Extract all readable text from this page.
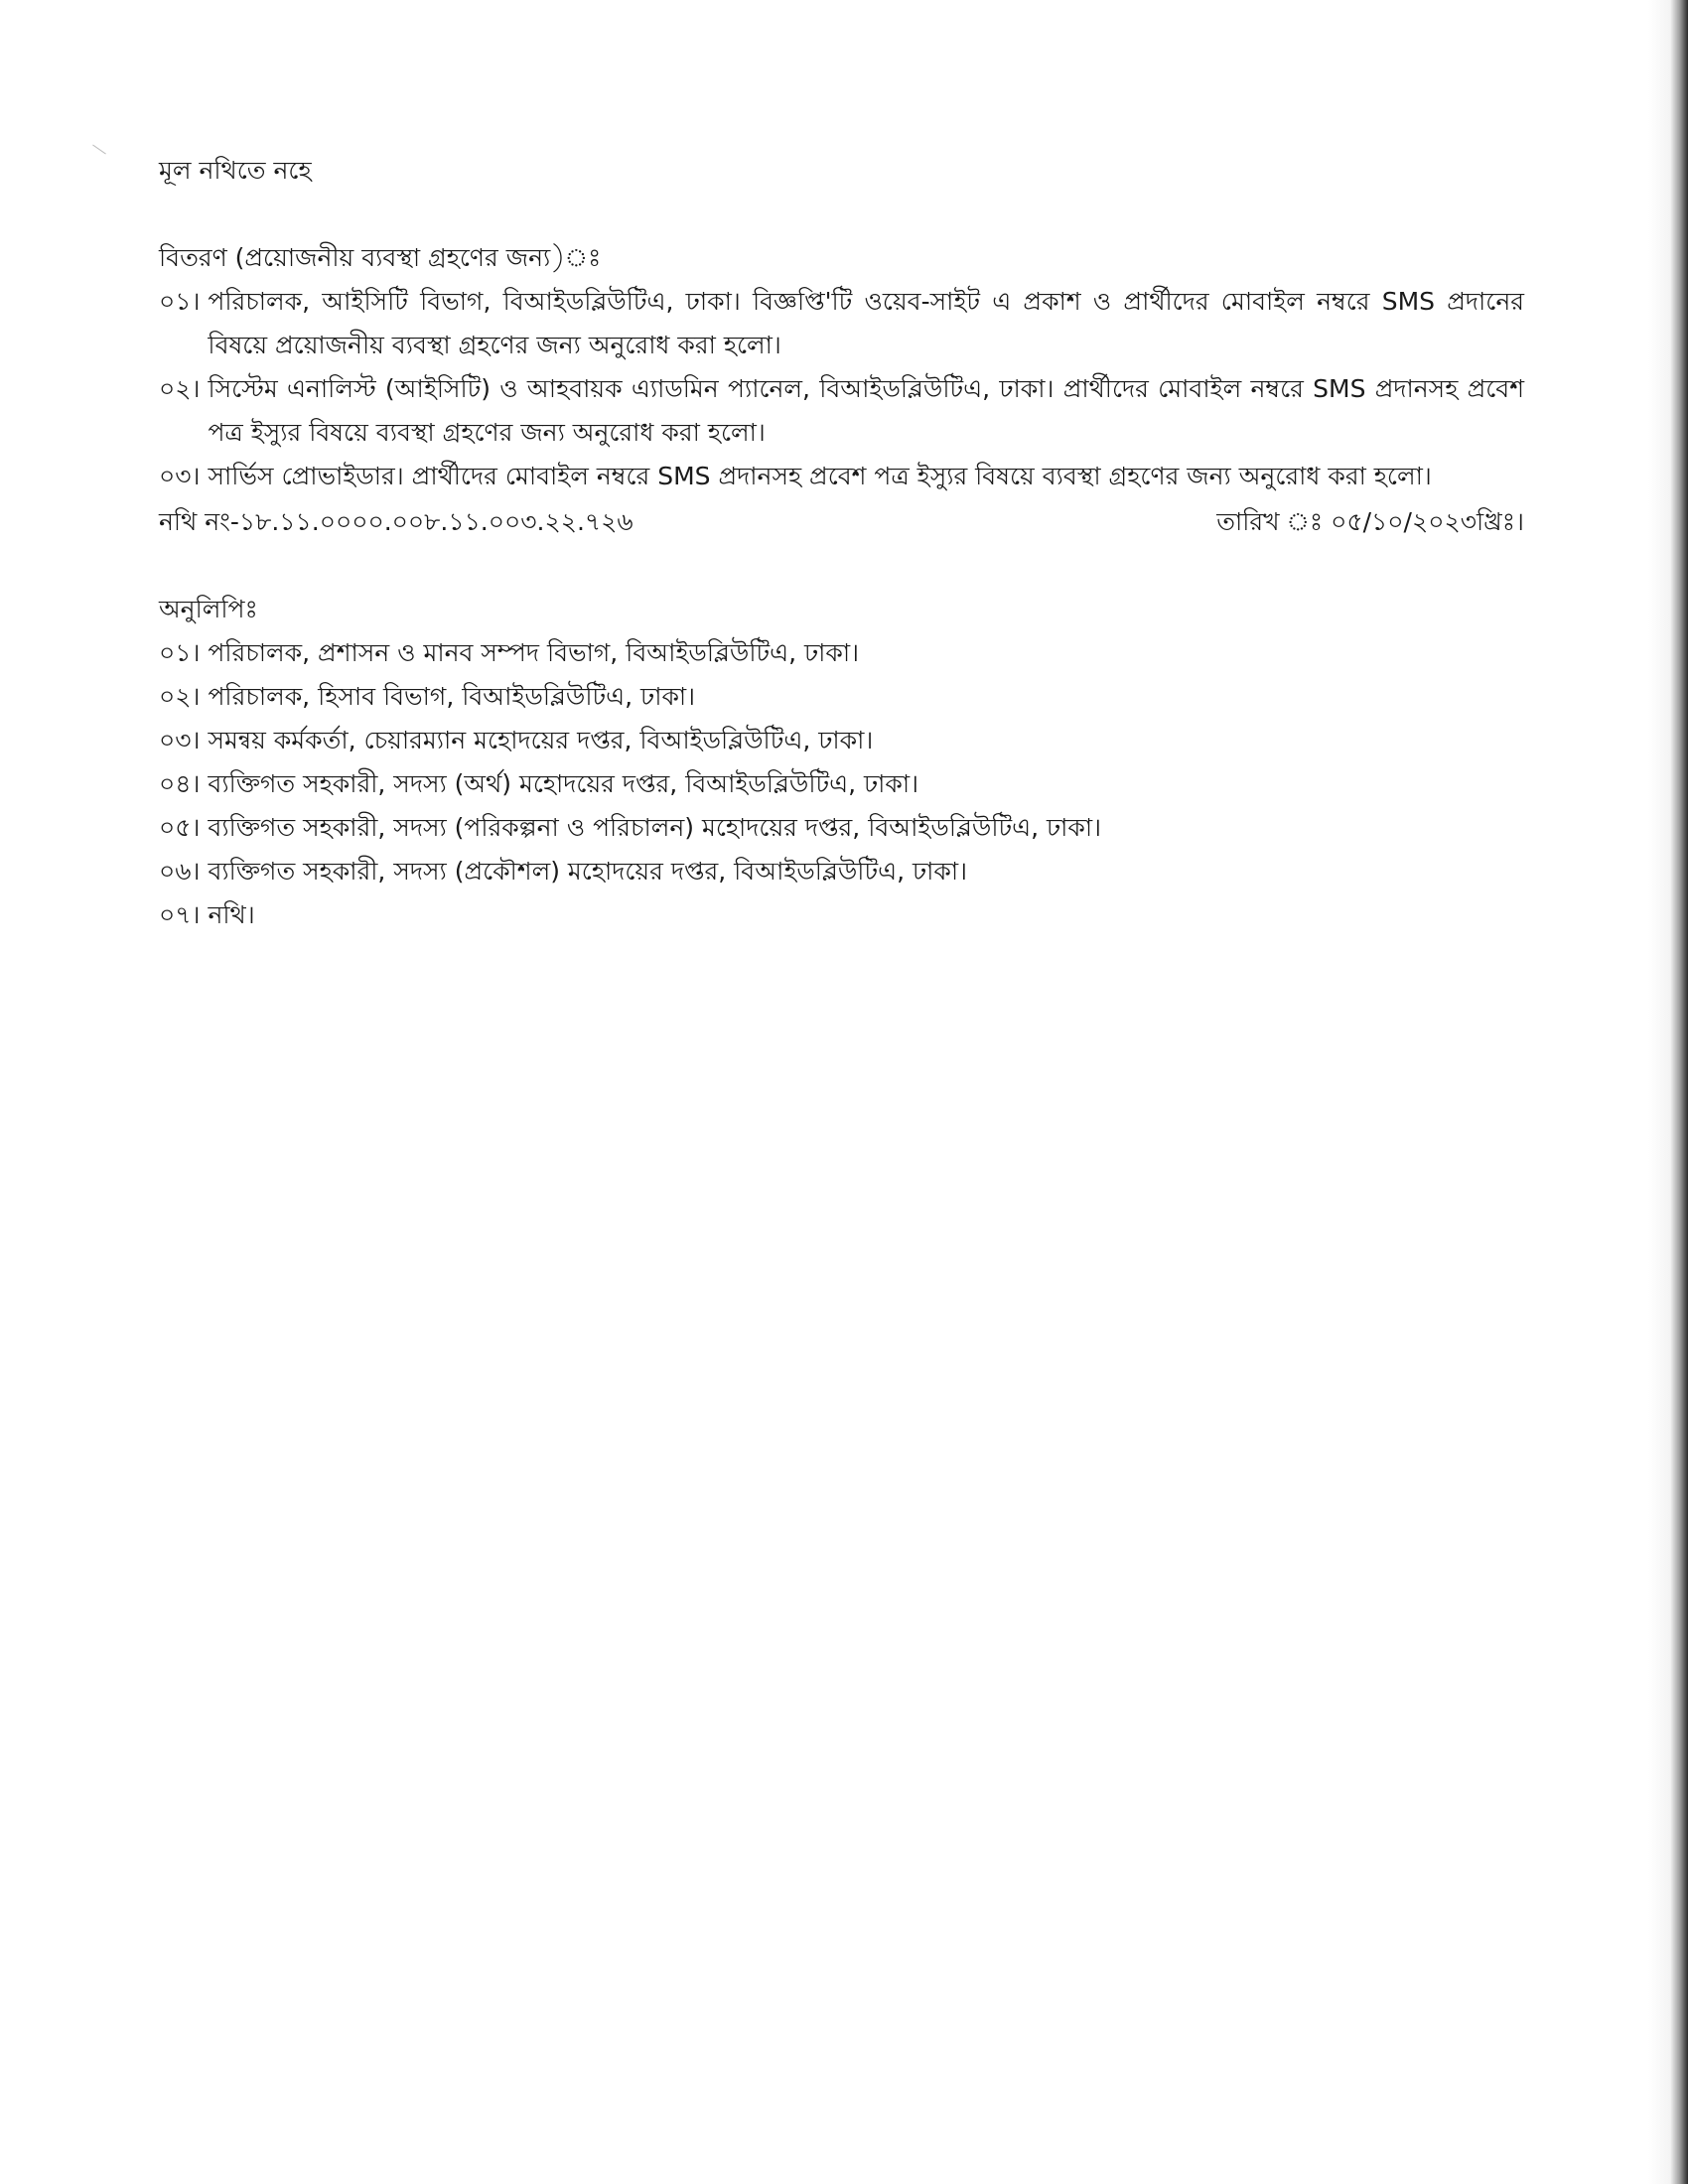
মূল নথিতে নহে

বিতরণ (প্রয়োজনীয় ব্যবস্থা গ্রহণের জন্য)ঃ

০১। পরিচালক, আইসিটি বিভাগ, বিআইডব্লিউটিএ, ঢাকা। বিজ্ঞপ্তি'টি ওয়েব-সাইট এ প্রকাশ ও প্রার্থীদের মোবাইল নম্বরে SMS প্রদানের বিষয়ে প্রয়োজনীয় ব্যবস্থা গ্রহণের জন্য অনুরোধ করা হলো।
০২। সিস্টেম এনালিস্ট (আইসিটি) ও আহবায়ক এ্যাডমিন প্যানেল, বিআইডব্লিউটিএ, ঢাকা। প্রার্থীদের মোবাইল নম্বরে SMS প্রদানসহ প্রবেশ পত্র ইস্যুর বিষয়ে ব্যবস্থা গ্রহণের জন্য অনুরোধ করা হলো।
০৩। সার্ভিস প্রোভাইডার। প্রার্থীদের মোবাইল নম্বরে SMS প্রদানসহ প্রবেশ পত্র ইস্যুর বিষয়ে ব্যবস্থা গ্রহণের জন্য অনুরোধ করা হলো।
নথি নং-১৮.১১.০০০০.০০৮.১১.০০৩.২২.৭২৬	তারিখ ঃ ০৫/১০/২০২৩খ্রিঃ।

অনুলিপিঃ

০১। পরিচালক, প্রশাসন ও মানব সম্পদ বিভাগ, বিআইডব্লিউটিএ, ঢাকা।
০২। পরিচালক, হিসাব বিভাগ, বিআইডব্লিউটিএ, ঢাকা।
০৩। সমন্বয় কর্মকর্তা, চেয়ারম্যান মহোদয়ের দপ্তর, বিআইডব্লিউটিএ, ঢাকা।
০৪। ব্যক্তিগত সহকারী, সদস্য (অর্থ) মহোদয়ের দপ্তর, বিআইডব্লিউটিএ, ঢাকা।
০৫। ব্যক্তিগত সহকারী, সদস্য (পরিকল্পনা ও পরিচালন) মহোদয়ের দপ্তর, বিআইডব্লিউটিএ, ঢাকা।
০৬। ব্যক্তিগত সহকারী, সদস্য (প্রকৌশল) মহোদয়ের দপ্তর, বিআইডব্লিউটিএ, ঢাকা।
০৭। নথি।
